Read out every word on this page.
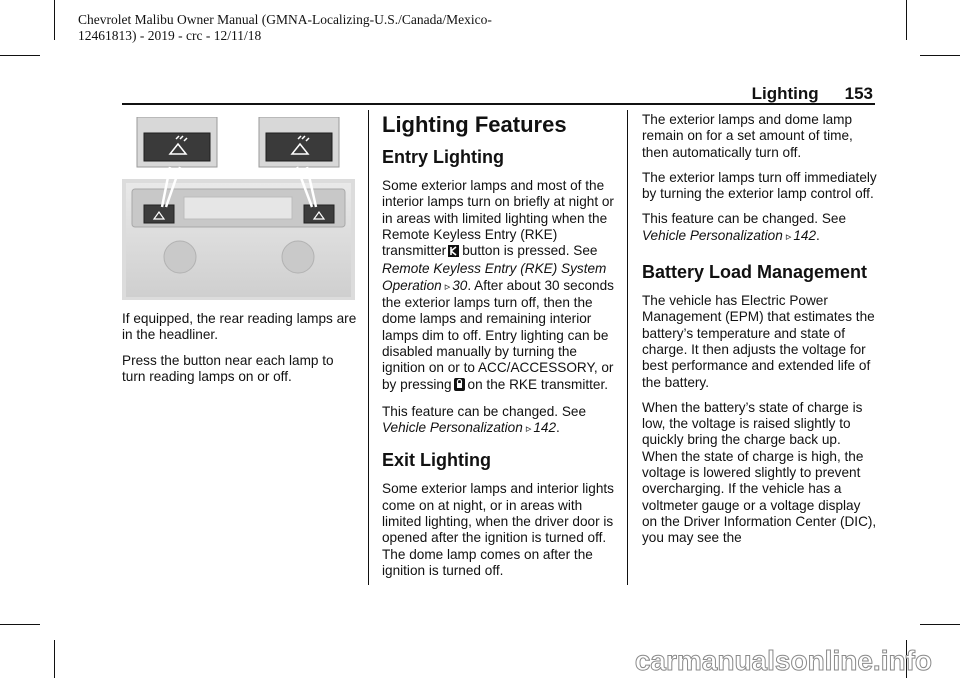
Chevrolet Malibu Owner Manual (GMNA-Localizing-U.S./Canada/Mexico-
12461813) - 2019 - crc - 12/11/18
Lighting 153

If equipped, the rear reading lamps are in the headliner.

Press the button near each lamp to turn reading lamps on or off.

Lighting Features
Entry Lighting

Some exterior lamps and most of the interior lamps turn on briefly at night or in areas with limited lighting when the Remote Keyless Entry (RKE) transmitter button is pressed. See Remote Keyless Entry (RKE) System Operation ▹ 30. After about 30 seconds the exterior lamps turn off, then the dome lamps and remaining interior lamps dim to off. Entry lighting can be disabled manually by turning the ignition on or to ACC/ACCESSORY, or by pressing on the RKE transmitter.

This feature can be changed. See Vehicle Personalization ▹ 142.

Exit Lighting

Some exterior lamps and interior lights come on at night, or in areas with limited lighting, when the driver door is opened after the ignition is turned off. The dome lamp comes on after the ignition is turned off.

The exterior lamps and dome lamp remain on for a set amount of time, then automatically turn off.

The exterior lamps turn off immediately by turning the exterior lamp control off.

This feature can be changed. See Vehicle Personalization ▹ 142.

Battery Load Management

The vehicle has Electric Power Management (EPM) that estimates the battery’s temperature and state of charge. It then adjusts the voltage for best performance and extended life of the battery.

When the battery’s state of charge is low, the voltage is raised slightly to quickly bring the charge back up. When the state of charge is high, the voltage is lowered slightly to prevent overcharging. If the vehicle has a voltmeter gauge or a voltage display on the Driver Information Center (DIC), you may see the

carmanualsonline.info
